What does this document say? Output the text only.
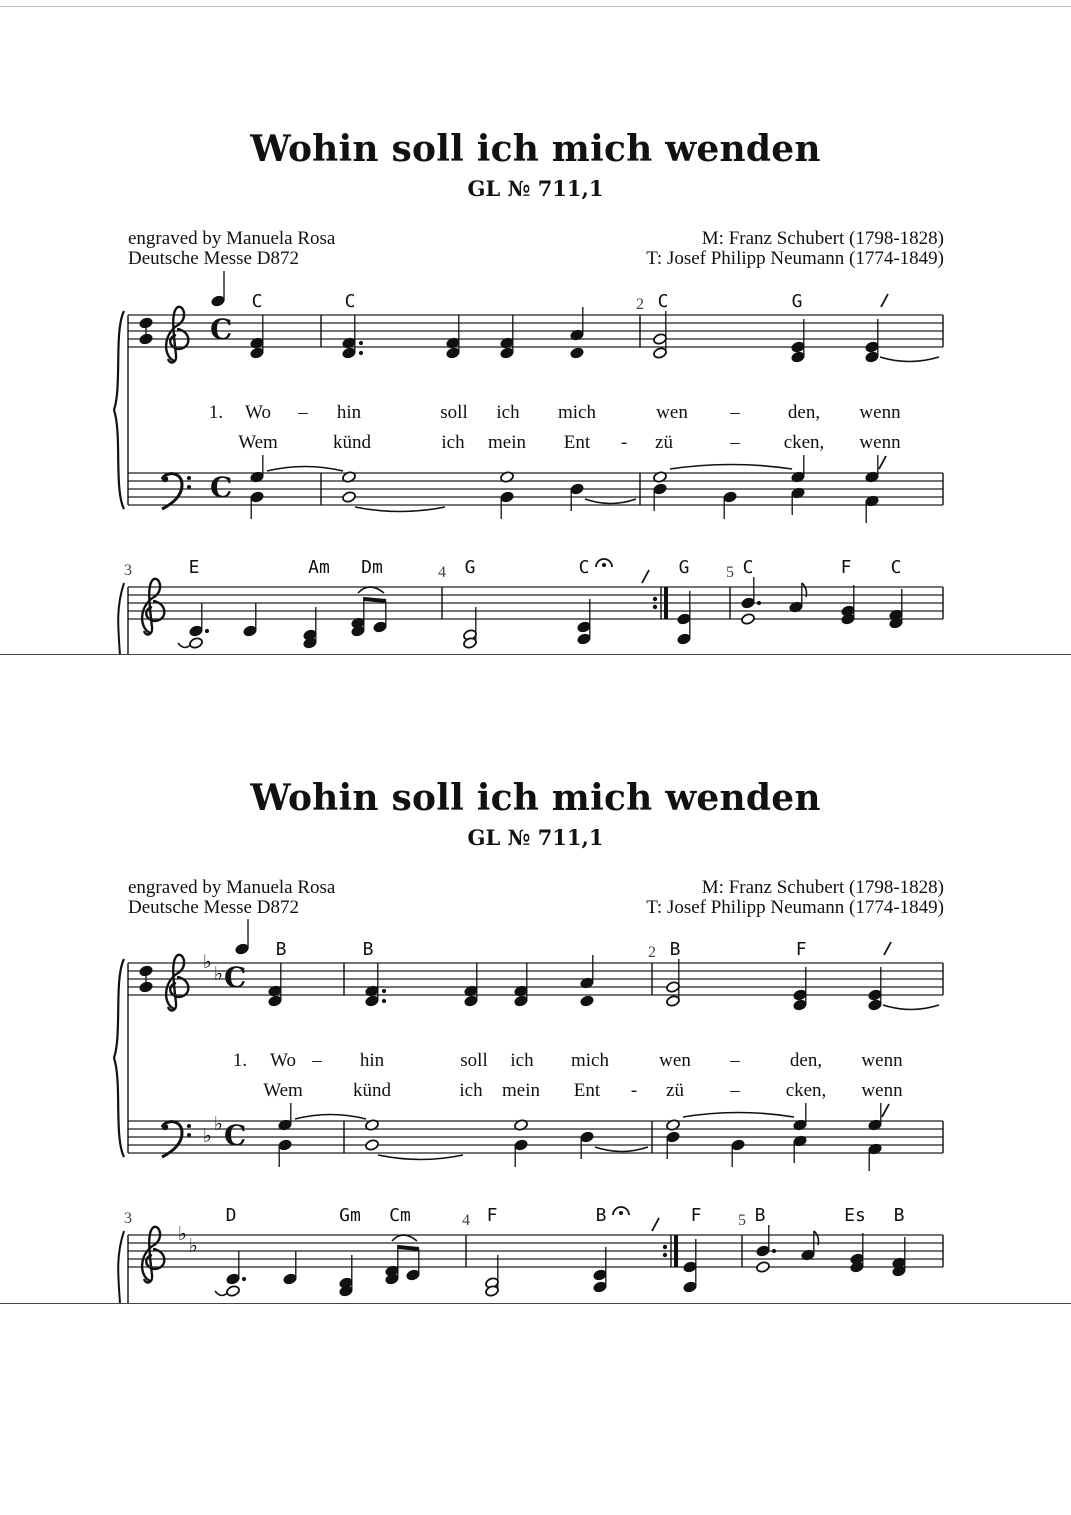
Wohin soll ich mich wenden
GL № 711,1
engraved by Manuela Rosa
Deutsche Messe D872
M: Franz Schubert (1798-1828)
T: Josef Philipp Neumann (1774-1849)
C
C
C	C	C	G
2
1. Wo – hin	soll ich mich	wen –	den, wenn
Wem	künd	ich mein Ent - zü	– cken, wenn
3	E	Am Dm	G	C	G	C	F C
4	5
Wohin soll ich mich wenden
GL № 711,1
engraved by Manuela Rosa
Deutsche Messe D872
M: Franz Schubert (1798-1828)
T: Josef Philipp Neumann (1774-1849)
♭
♭ C
♭
♭ C
B	B	B	F
2
1. Wo – hin	soll ich mich	wen –	den, wenn
Wem	künd	ich mein Ent - zü – cken, wenn
♭
♭
3	D	Gm Cm	F	B	F	B	Es B
4	5
